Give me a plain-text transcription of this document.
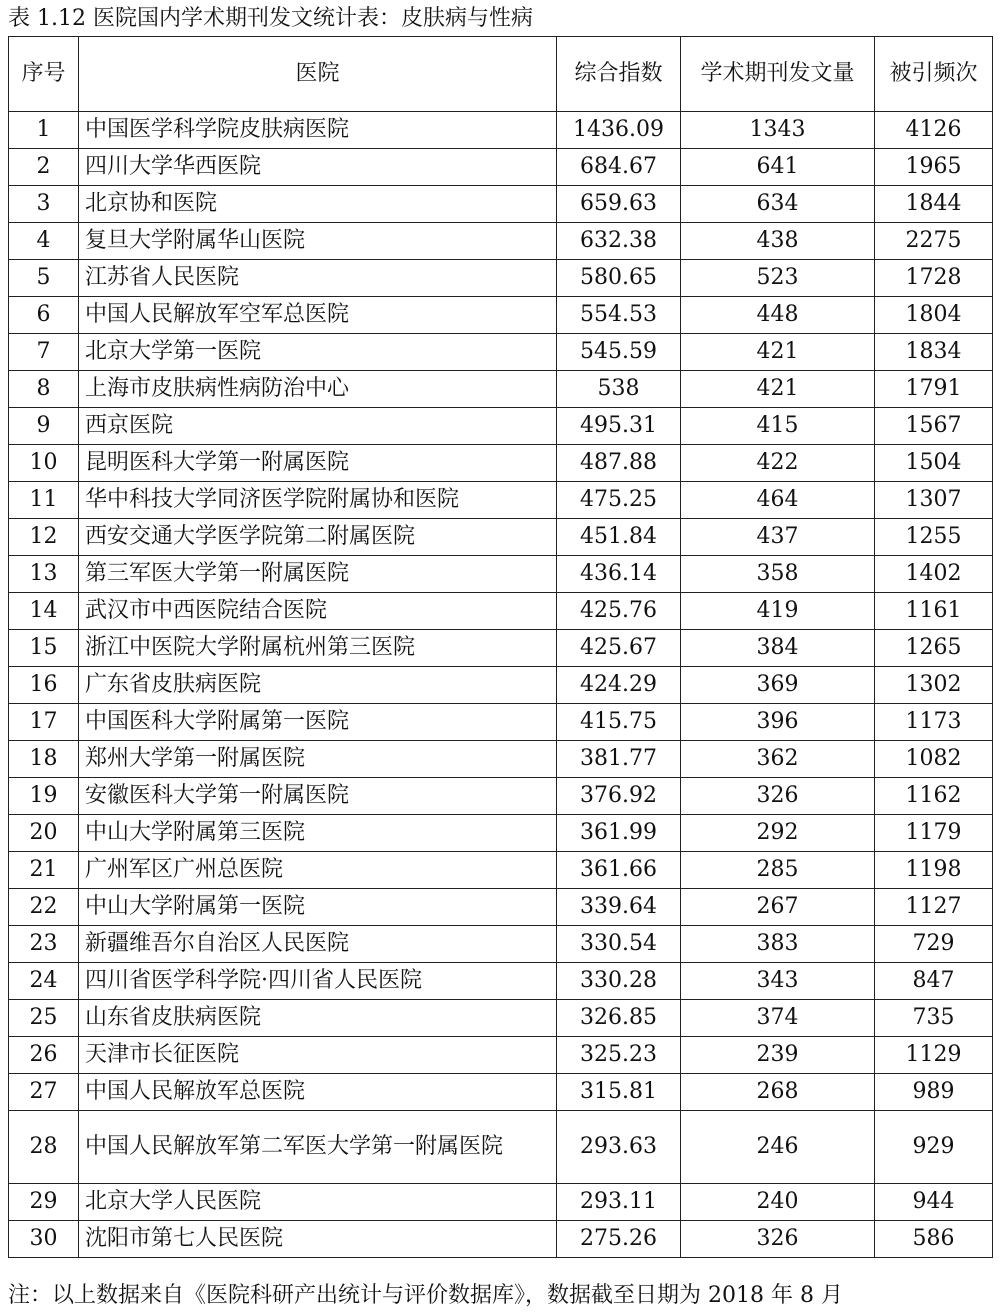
表 1.12 医院国内学术期刊发文统计表：皮肤病与性病
序号	医院	综合指数	学术期刊发文量	被引频次
1	中国医学科学院皮肤病医院	1436.09	1343	4126
2	四川大学华西医院	684.67	641	1965
3	北京协和医院	659.63	634	1844
4	复旦大学附属华山医院	632.38	438	2275
5	江苏省人民医院	580.65	523	1728
6	中国人民解放军空军总医院	554.53	448	1804
7	北京大学第一医院	545.59	421	1834
8	上海市皮肤病性病防治中心	538	421	1791
9	西京医院	495.31	415	1567
10	昆明医科大学第一附属医院	487.88	422	1504
11	华中科技大学同济医学院附属协和医院	475.25	464	1307
12	西安交通大学医学院第二附属医院	451.84	437	1255
13	第三军医大学第一附属医院	436.14	358	1402
14	武汉市中西医院结合医院	425.76	419	1161
15	浙江中医院大学附属杭州第三医院	425.67	384	1265
16	广东省皮肤病医院	424.29	369	1302
17	中国医科大学附属第一医院	415.75	396	1173
18	郑州大学第一附属医院	381.77	362	1082
19	安徽医科大学第一附属医院	376.92	326	1162
20	中山大学附属第三医院	361.99	292	1179
21	广州军区广州总医院	361.66	285	1198
22	中山大学附属第一医院	339.64	267	1127
23	新疆维吾尔自治区人民医院	330.54	383	729
24	四川省医学科学院·四川省人民医院	330.28	343	847
25	山东省皮肤病医院	326.85	374	735
26	天津市长征医院	325.23	239	1129
27	中国人民解放军总医院	315.81	268	989
28	中国人民解放军第二军医大学第一附属医院	293.63	246	929
29	北京大学人民医院	293.11	240	944
30	沈阳市第七人民医院	275.26	326	586
注：以上数据来自《医院科研产出统计与评价数据库》，数据截至日期为 2018 年 8 月
